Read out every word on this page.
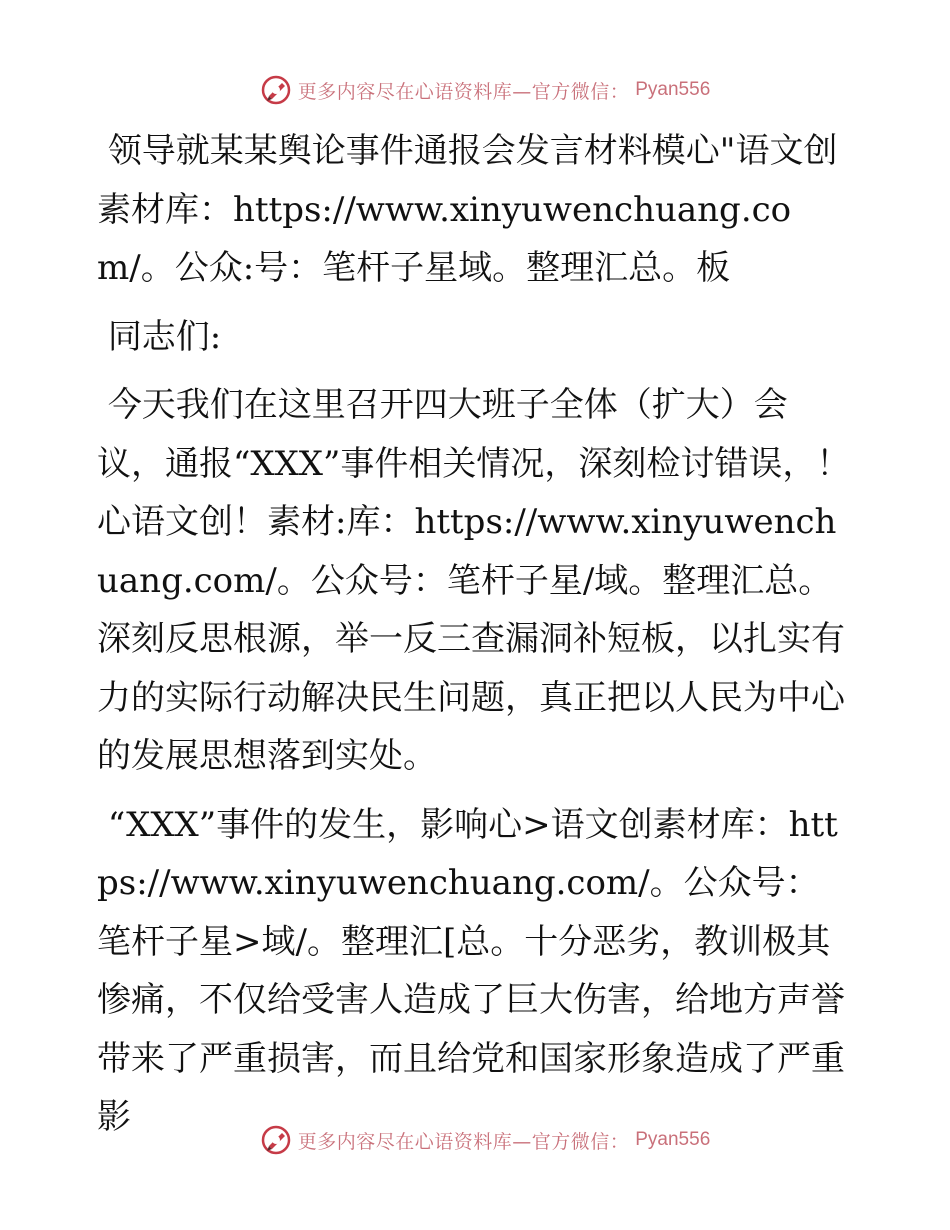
更多内容尽在心语资料库—官方微信： Pyan556

领导就某某舆论事件通报会发言材料模心"语文创素材库：https://www.xinyuwenchuang.com/。公众:号：笔杆子星域。整理汇总。板

同志们:

今天我们在这里召开四大班子全体（扩大）会议，通报“XXX”事件相关情况，深刻检讨错误，！心语文创！素材:库：https://www.xinyuwenchuang.com/。公众号：笔杆子星/域。整理汇总。深刻反思根源，举一反三查漏洞补短板，以扎实有力的实际行动解决民生问题，真正把以人民为中心的发展思想落到实处。

“XXX”事件的发生，影响心>语文创素材库：https://www.xinyuwenchuang.com/。公众号：笔杆子星>域/。整理汇[总。十分恶劣，教训极其惨痛，不仅给受害人造成了巨大伤害，给地方声誉带来了严重损害，而且给党和国家形象造成了严重影

更多内容尽在心语资料库—官方微信： Pyan556
